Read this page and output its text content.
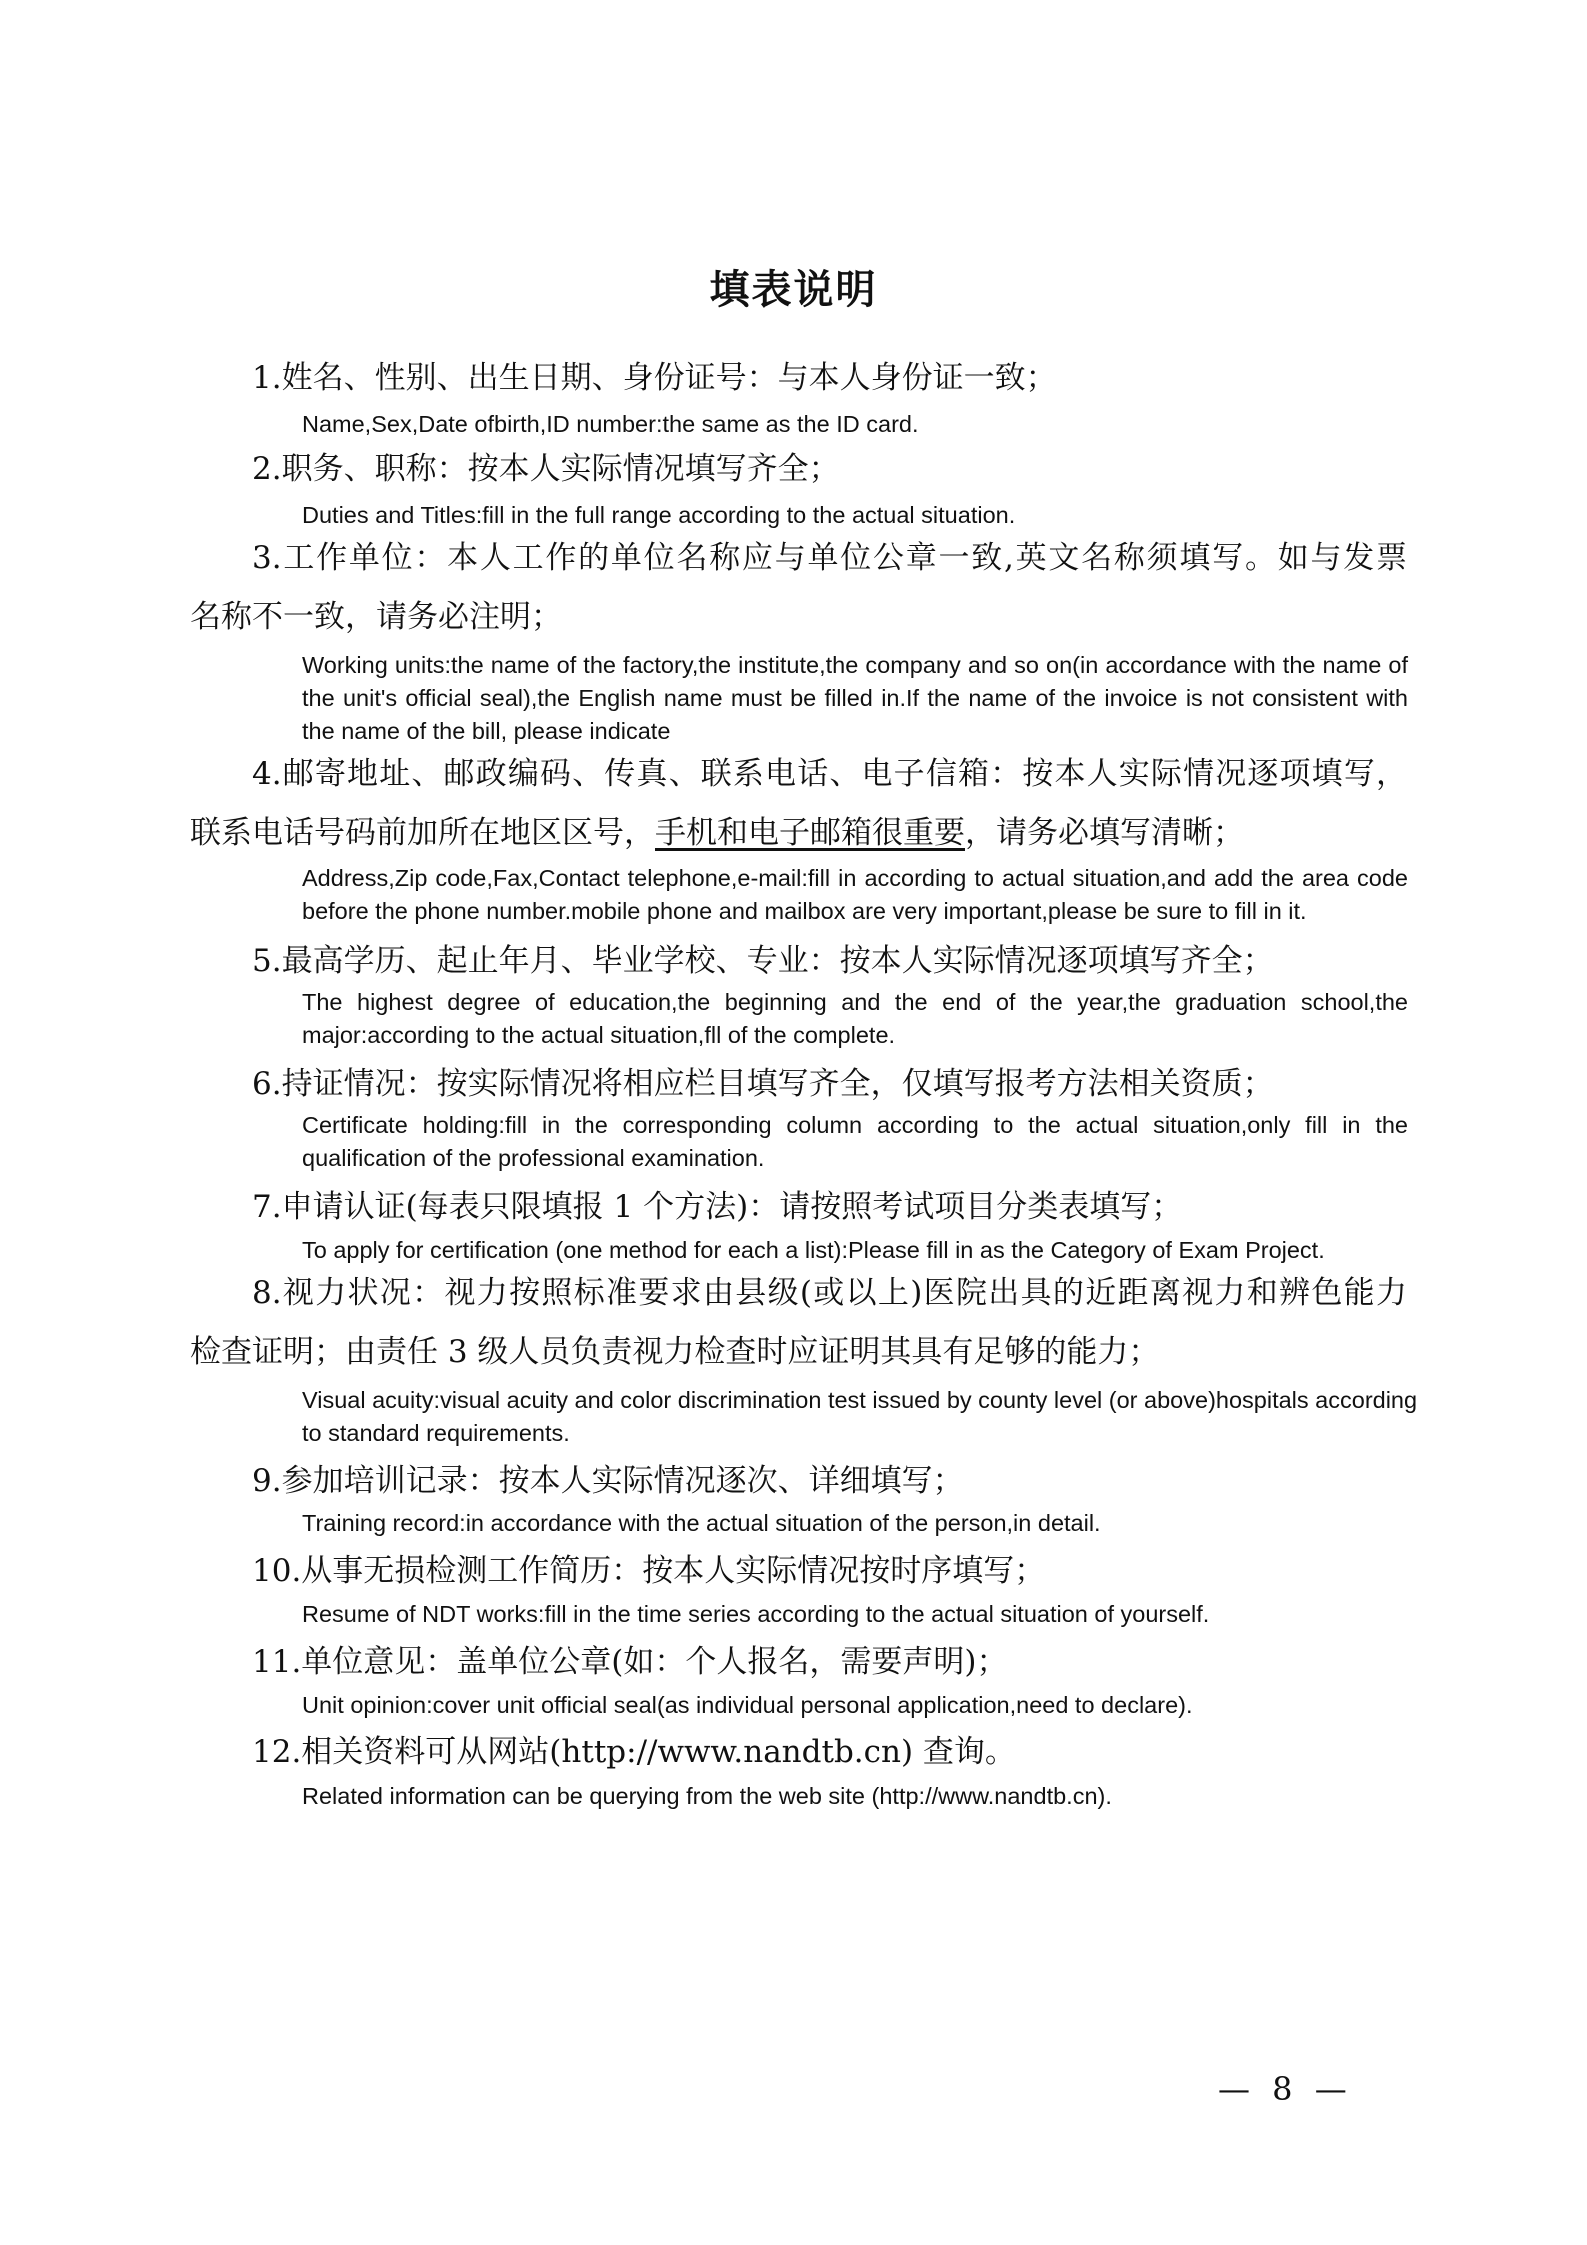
填表说明

1.姓名、性别、出生日期、身份证号：与本人身份证一致；

Name,Sex,Date ofbirth,ID number:the same as the ID card.

2.职务、职称：按本人实际情况填写齐全；

Duties and Titles:fill in the full range according to the actual situation.

3.工作单位：本人工作的单位名称应与单位公章一致,英文名称须填写。如与发票

名称不一致，请务必注明；

Working units:the name of the factory,the institute,the company and so on(in accordance with the name of
the unit's official seal),the English name must be filled in.If the name of the invoice is not consistent with
the name of the bill, please indicate

4.邮寄地址、邮政编码、传真、联系电话、电子信箱：按本人实际情况逐项填写，

联系电话号码前加所在地区区号，手机和电子邮箱很重要，请务必填写清晰；

Address,Zip code,Fax,Contact telephone,e-mail:fill in according to actual situation,and add the area code
before the phone number.mobile phone and mailbox are very important,please be sure to fill in it.

5.最高学历、起止年月、毕业学校、专业：按本人实际情况逐项填写齐全；

The highest degree of education,the beginning and the end of the year,the graduation school,the
major:according to the actual situation,fll of the complete.

6.持证情况：按实际情况将相应栏目填写齐全，仅填写报考方法相关资质；

Certificate holding:fill in the corresponding column according to the actual situation,only fill in the
qualification of the professional examination.

7.申请认证(每表只限填报 1 个方法)：请按照考试项目分类表填写；

To apply for certification (one method for each a list):Please fill in as the Category of Exam Project.

8.视力状况：视力按照标准要求由县级(或以上)医院出具的近距离视力和辨色能力

检查证明；由责任 3 级人员负责视力检查时应证明其具有足够的能力；

Visual acuity:visual acuity and color discrimination test issued by county level (or above)hospitals according
to standard requirements.

9.参加培训记录：按本人实际情况逐次、详细填写；

Training record:in accordance with the actual situation of the person,in detail.

10.从事无损检测工作简历：按本人实际情况按时序填写；

Resume of NDT works:fill in the time series according to the actual situation of yourself.

11.单位意见：盖单位公章(如：个人报名，需要声明)；

Unit opinion:cover unit official seal(as individual personal application,need to declare).

12.相关资料可从网站(http://www.nandtb.cn) 查询。

Related information can be querying from the web site (http://www.nandtb.cn).

— 8 —
